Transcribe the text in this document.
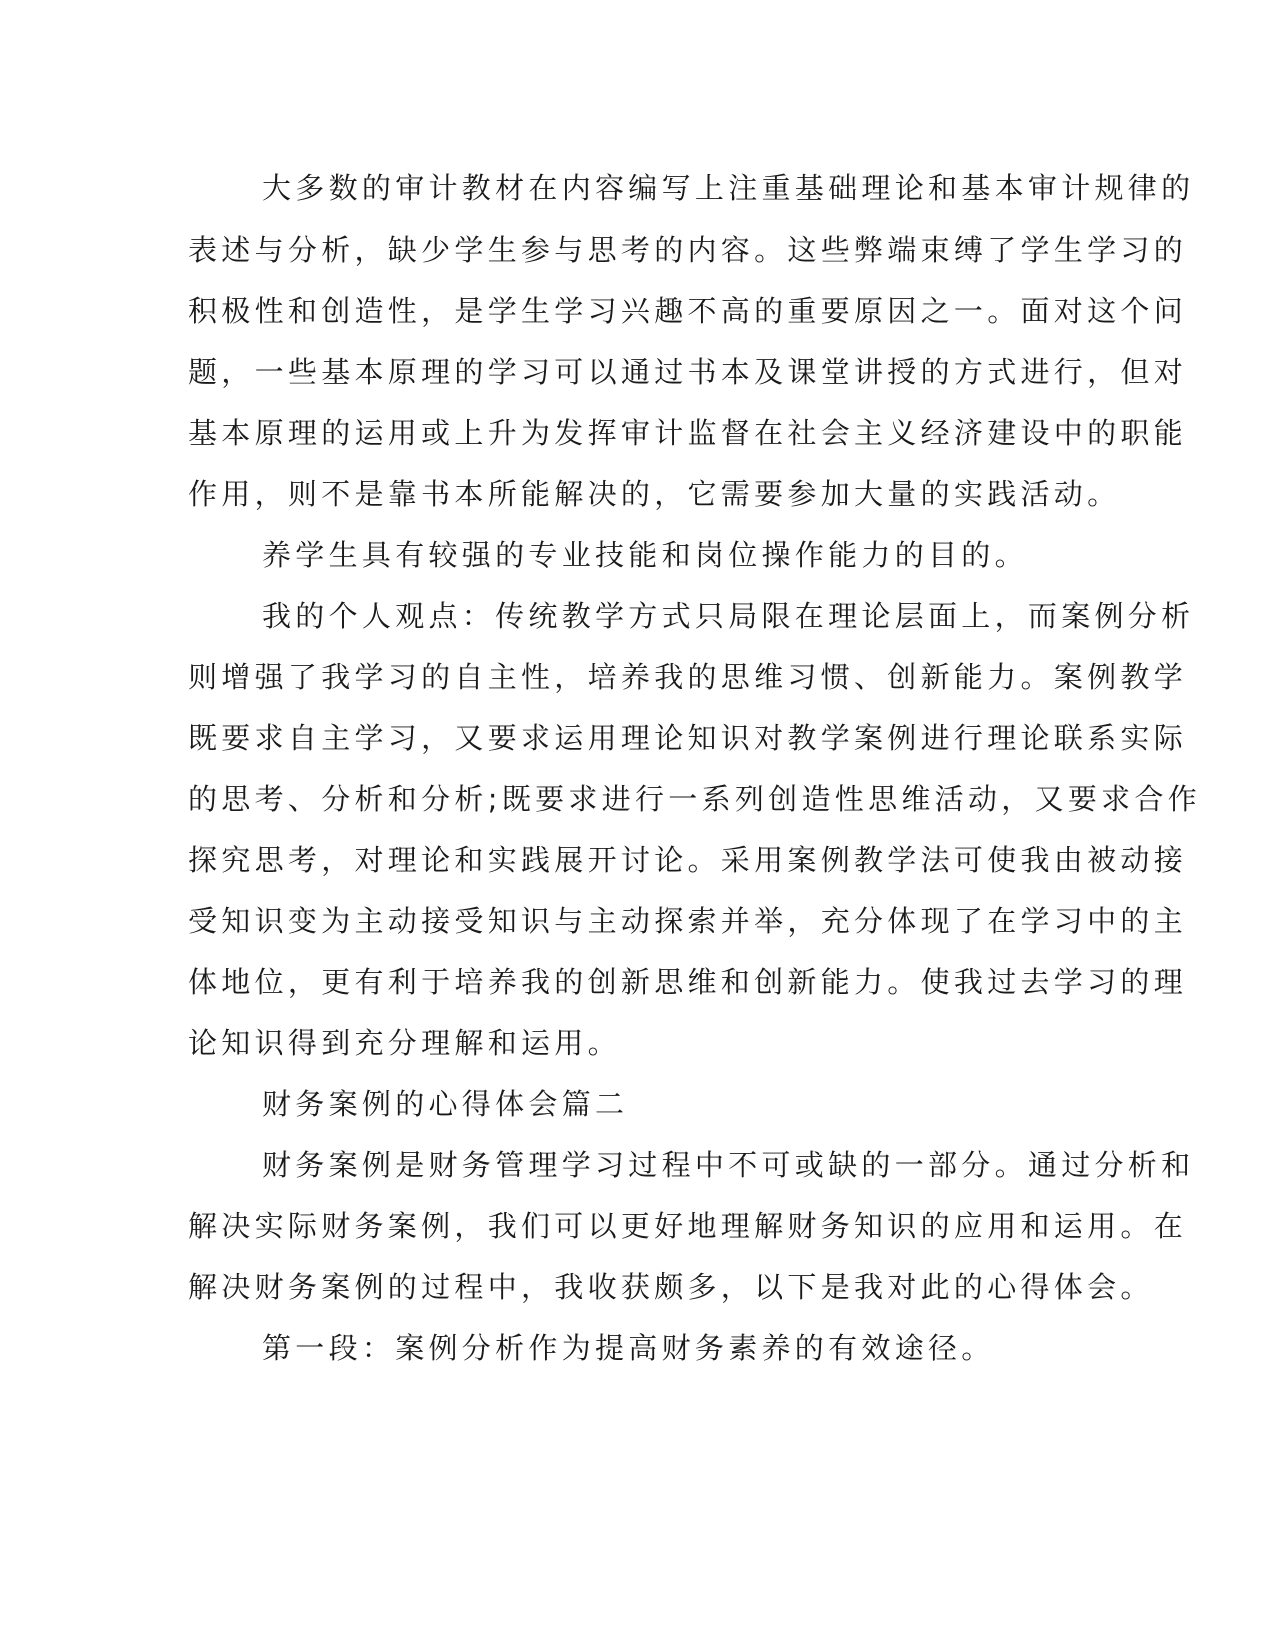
大多数的审计教材在内容编写上注重基础理论和基本审计规律的

表述与分析，缺少学生参与思考的内容。这些弊端束缚了学生学习的

积极性和创造性，是学生学习兴趣不高的重要原因之一。面对这个问

题，一些基本原理的学习可以通过书本及课堂讲授的方式进行，但对

基本原理的运用或上升为发挥审计监督在社会主义经济建设中的职能

作用，则不是靠书本所能解决的，它需要参加大量的实践活动。

养学生具有较强的专业技能和岗位操作能力的目的。

我的个人观点：传统教学方式只局限在理论层面上，而案例分析

则增强了我学习的自主性，培养我的思维习惯、创新能力。案例教学

既要求自主学习，又要求运用理论知识对教学案例进行理论联系实际

的思考、分析和分析;既要求进行一系列创造性思维活动，又要求合作

探究思考，对理论和实践展开讨论。采用案例教学法可使我由被动接

受知识变为主动接受知识与主动探索并举，充分体现了在学习中的主

体地位，更有利于培养我的创新思维和创新能力。使我过去学习的理

论知识得到充分理解和运用。

财务案例的心得体会篇二

财务案例是财务管理学习过程中不可或缺的一部分。通过分析和

解决实际财务案例，我们可以更好地理解财务知识的应用和运用。在

解决财务案例的过程中，我收获颇多，以下是我对此的心得体会。

第一段：案例分析作为提高财务素养的有效途径。
